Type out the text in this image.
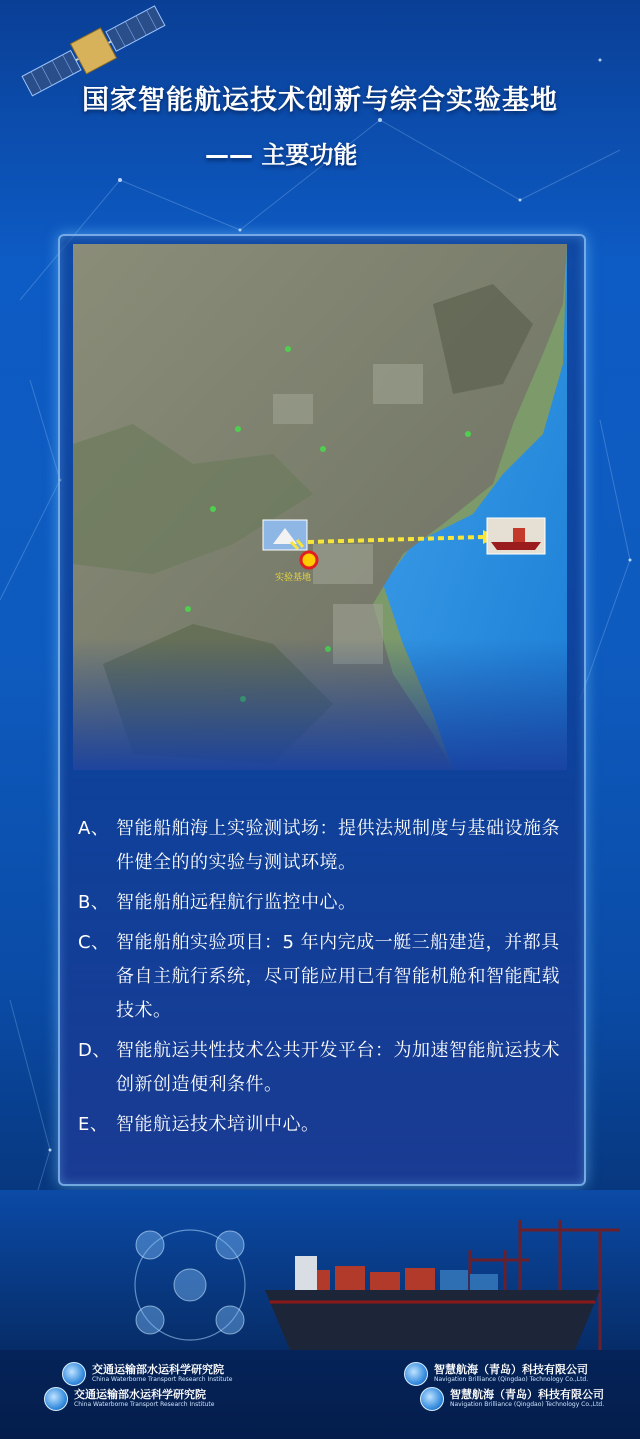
国家智能航运技术创新与综合实验基地
—— 主要功能
A、 智能船舶海上实验测试场：提供法规制度与基础设施条件健全的的实验与测试环境。
B、 智能船舶远程航行监控中心。
C、 智能船舶实验项目：5 年内完成一艇三船建造，并都具备自主航行系统，尽可能应用已有智能机舱和智能配载技术。
D、 智能航运共性技术公共开发平台：为加速智能航运技术创新创造便利条件。
E、 智能航运技术培训中心。
交通运输部水运科学研究院
China Waterborne Transport Research Institute
交通运输部水运科学研究院
China Waterborne Transport Research Institute
智慧航海（青岛）科技有限公司
Navigation Brilliance (Qingdao) Technology Co.,Ltd.
智慧航海（青岛）科技有限公司
Navigation Brilliance (Qingdao) Technology Co.,Ltd.
